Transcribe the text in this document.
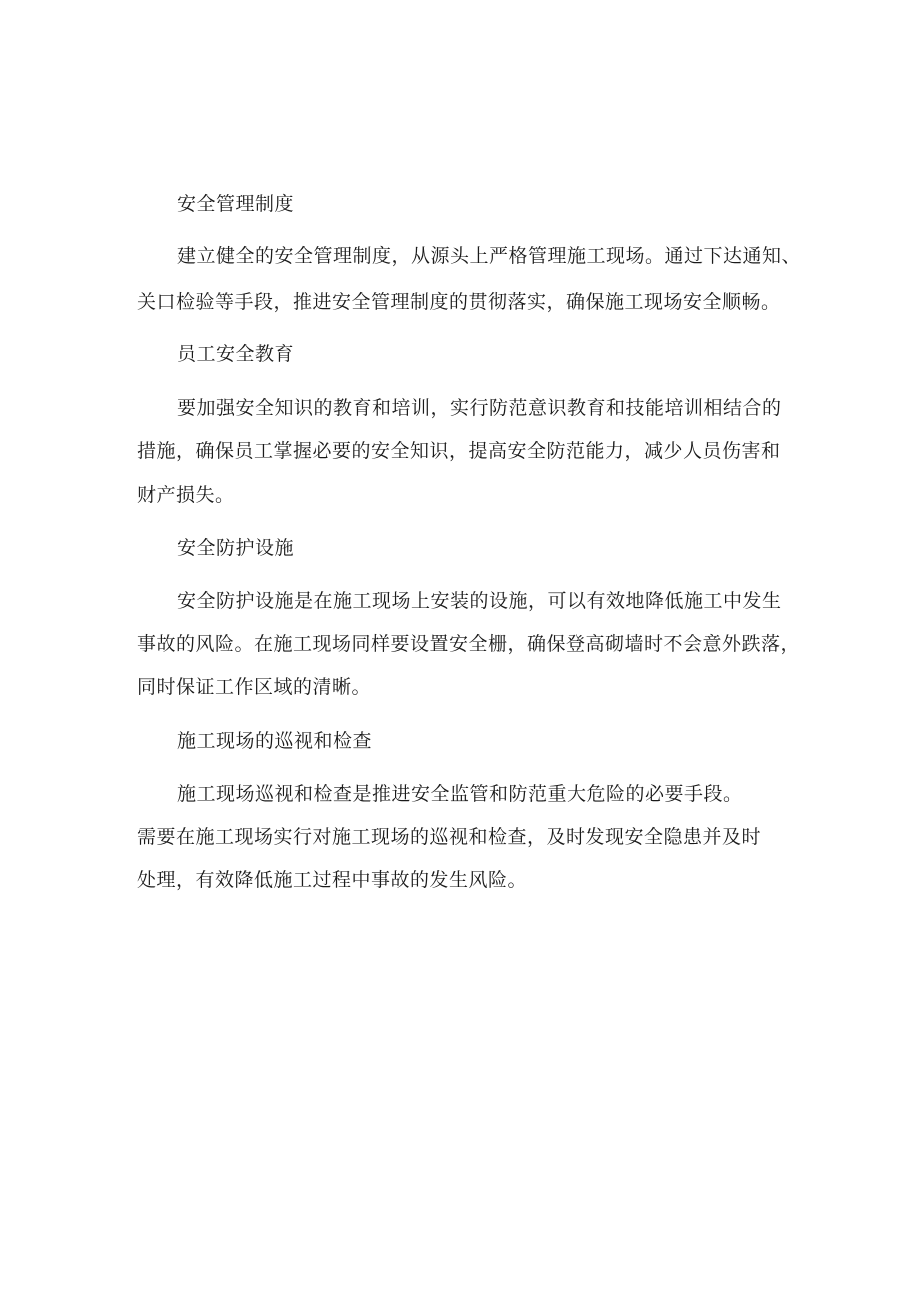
安全管理制度
建立健全的安全管理制度，从源头上严格管理施工现场。通过下达通知、
关口检验等手段，推进安全管理制度的贯彻落实，确保施工现场安全顺畅。
员工安全教育
要加强安全知识的教育和培训，实行防范意识教育和技能培训相结合的
措施，确保员工掌握必要的安全知识，提高安全防范能力，减少人员伤害和
财产损失。
安全防护设施
安全防护设施是在施工现场上安装的设施，可以有效地降低施工中发生
事故的风险。在施工现场同样要设置安全栅，确保登高砌墙时不会意外跌落，
同时保证工作区域的清晰。
施工现场的巡视和检查
施工现场巡视和检查是推进安全监管和防范重大危险的必要手段。
需要在施工现场实行对施工现场的巡视和检查，及时发现安全隐患并及时
处理，有效降低施工过程中事故的发生风险。
